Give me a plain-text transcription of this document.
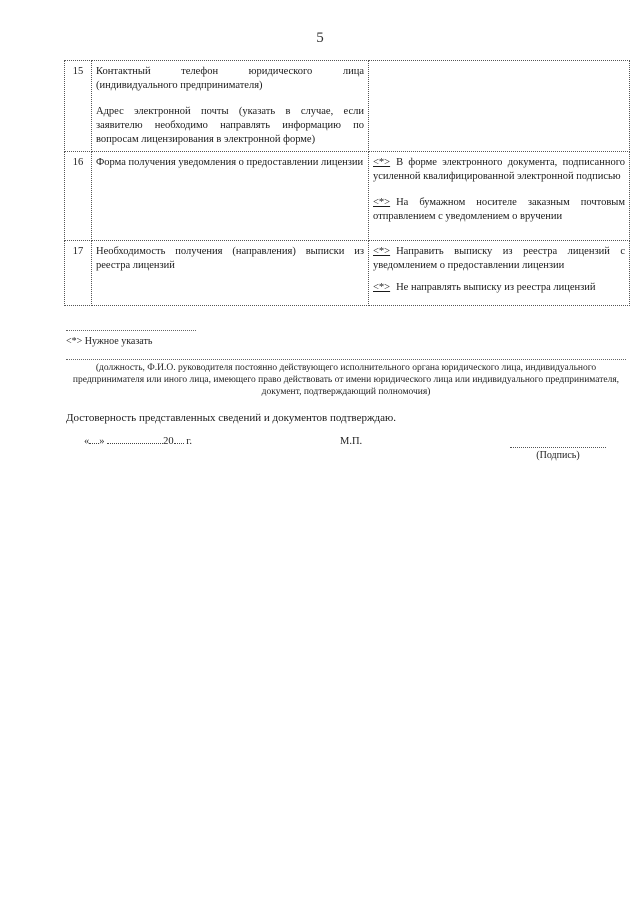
5
15	Контактный телефон юридического лица (индивидуального предпринимателя)
Адрес электронной почты (указать в случае, если заявителю необходимо направлять информацию по вопросам лицензирования в электронной форме)	

16	Форма получения уведомления о предоставлении лицензии	<*> В форме электронного документа, подписанного усиленной квалифицированной электронной подписью
<*> На бумажном носителе заказным почтовым отправлением с уведомлением о вручении

17	Необходимость получения (направления) выписки из реестра лицензий	<*> Направить выписку из реестра лицензий с уведомлением о предоставлении лицензии
<*> Не направлять выписку из реестра лицензий
<*> Нужное указать
(должность, Ф.И.О. руководителя постоянно действующего исполнительного органа юридического лица, индивидуального предпринимателя или иного лица, имеющего право действовать от имени юридического лица или индивидуального предпринимателя, документ, подтверждающий полномочия)
Достоверность представленных сведений и документов подтверждаю.
« »	20 г.	М.П.
(Подпись)
